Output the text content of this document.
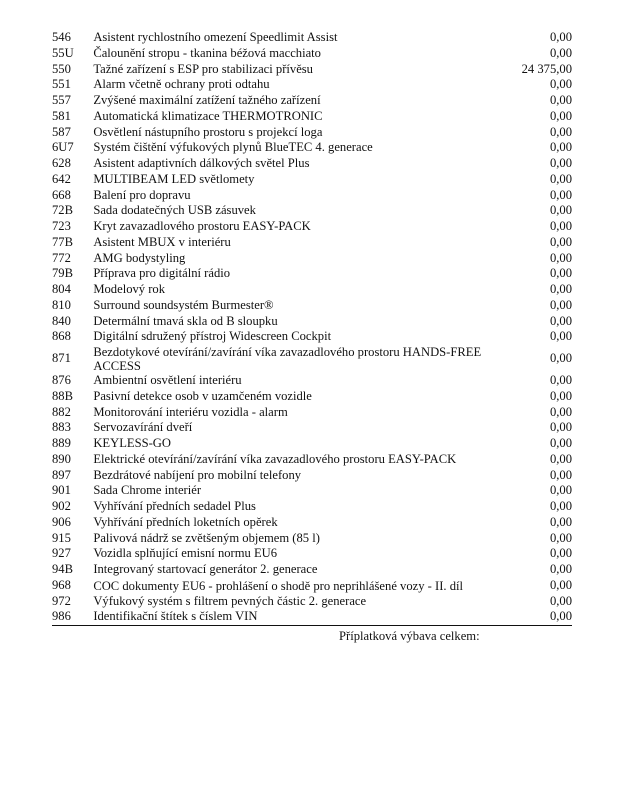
546	Asistent rychlostního omezení Speedlimit Assist	0,00
55U	Čalounění stropu - tkanina béžová macchiato	0,00
550	Tažné zařízení s ESP pro stabilizaci přívěsu	24 375,00
551	Alarm včetně ochrany proti odtahu	0,00
557	Zvýšené maximální zatížení tažného zařízení	0,00
581	Automatická klimatizace THERMOTRONIC	0,00
587	Osvětlení nástupního prostoru s projekcí loga	0,00
6U7	Systém čištění výfukových plynů BlueTEC 4. generace	0,00
628	Asistent adaptivních dálkových světel Plus	0,00
642	MULTIBEAM LED světlomety	0,00
668	Balení pro dopravu	0,00
72B	Sada dodatečných USB zásuvek	0,00
723	Kryt zavazadlového prostoru EASY-PACK	0,00
77B	Asistent MBUX v interiéru	0,00
772	AMG bodystyling	0,00
79B	Příprava pro digitální rádio	0,00
804	Modelový rok	0,00
810	Surround soundsystém Burmester®	0,00
840	Determální tmavá skla od B sloupku	0,00
868	Digitální sdružený přístroj Widescreen Cockpit	0,00
871	Bezdotykové otevírání/zavírání víka zavazadlového prostoru HANDS-FREE ACCESS	0,00
876	Ambientní osvětlení interiéru	0,00
88B	Pasivní detekce osob v uzamčeném vozidle	0,00
882	Monitorování interiéru vozidla - alarm	0,00
883	Servozavírání dveří	0,00
889	KEYLESS-GO	0,00
890	Elektrické otevírání/zavírání víka zavazadlového prostoru EASY-PACK	0,00
897	Bezdrátové nabíjení pro mobilní telefony	0,00
901	Sada Chrome interiér	0,00
902	Vyhřívání předních sedadel Plus	0,00
906	Vyhřívání předních loketních opěrek	0,00
915	Palivová nádrž se zvětšeným objemem (85 l)	0,00
927	Vozidla splňující emisní normu EU6	0,00
94B	Integrovaný startovací generátor 2. generace	0,00
968	COC dokumenty EU6 - prohlášení o shodě pro neprihlášené vozy - II. díl	0,00
972	Výfukový systém s filtrem pevných částic 2. generace	0,00
986	Identifikační štítek s číslem VIN	0,00
Příplatková výbava celkem:
